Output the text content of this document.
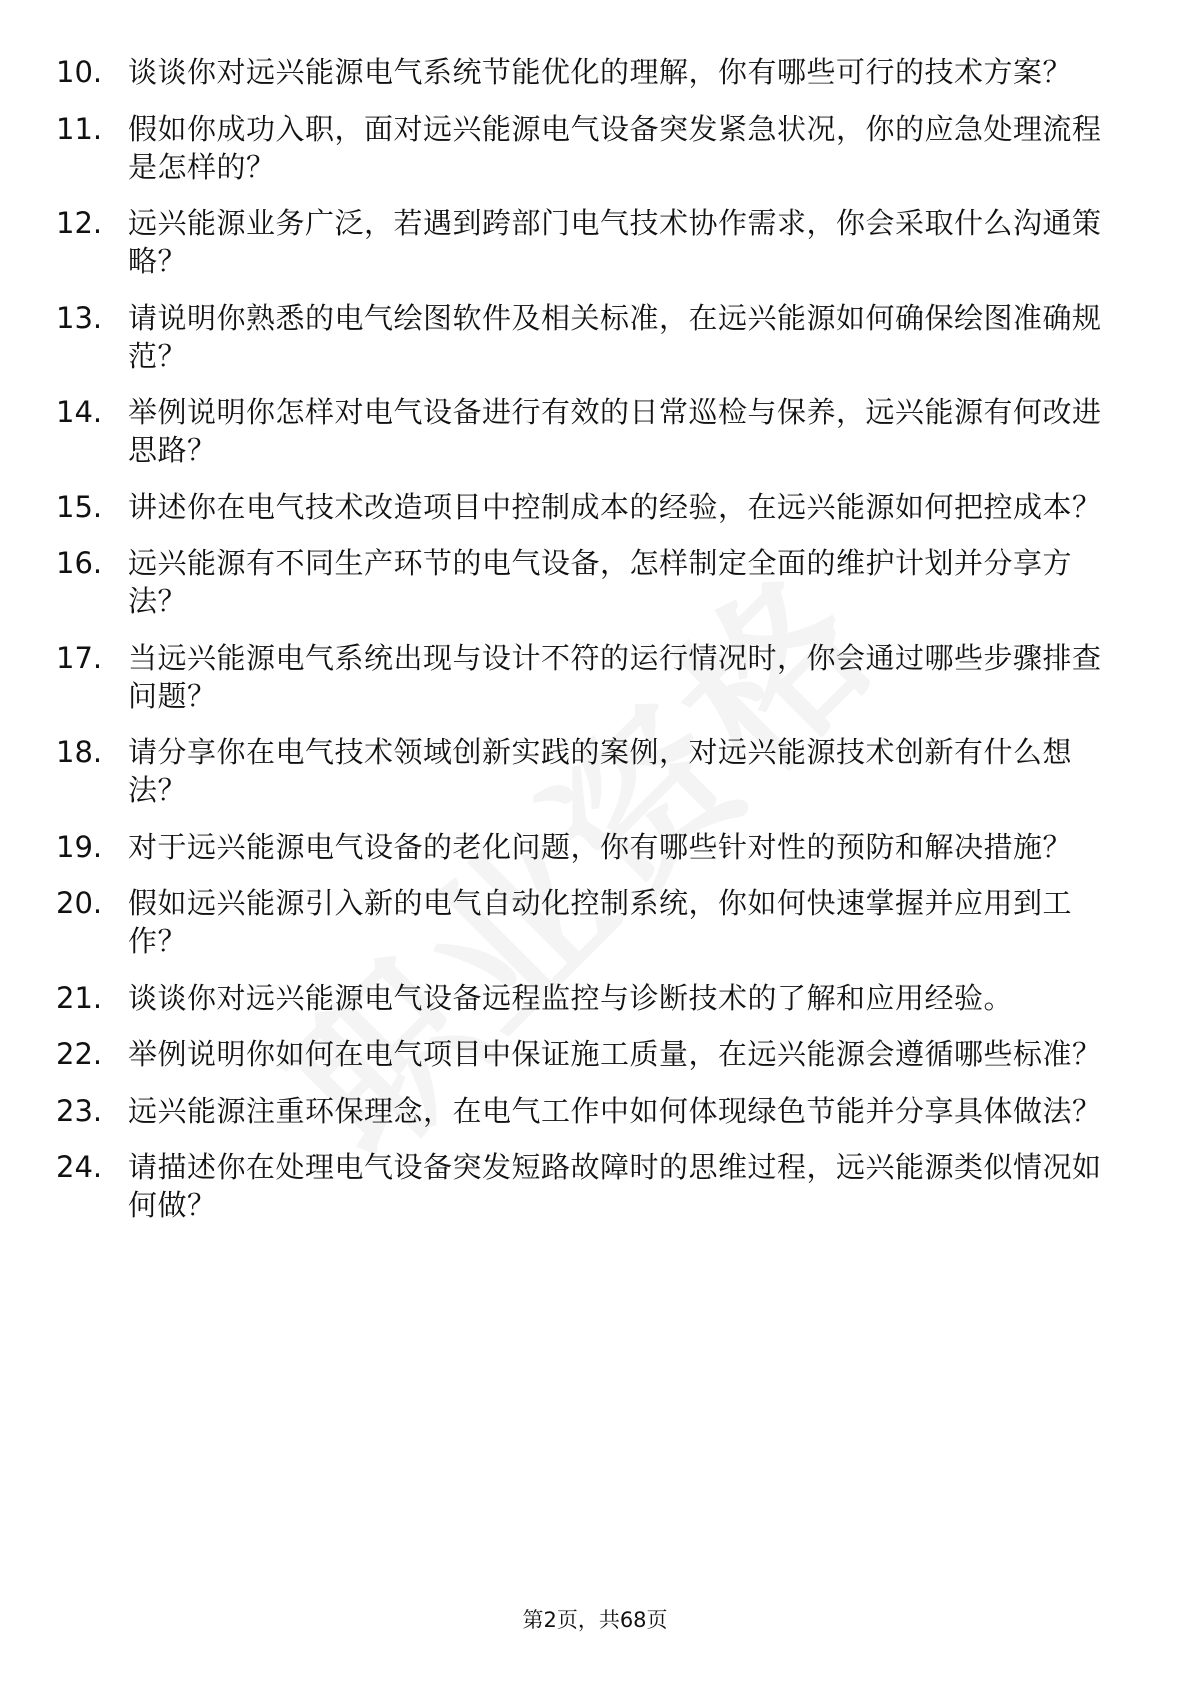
10. 谈谈你对远兴能源电气系统节能优化的理解，你有哪些可行的技术方案？
11. 假如你成功入职，面对远兴能源电气设备突发紧急状况，你的应急处理流程是怎样的？
12. 远兴能源业务广泛，若遇到跨部门电气技术协作需求，你会采取什么沟通策略？
13. 请说明你熟悉的电气绘图软件及相关标准，在远兴能源如何确保绘图准确规范？
14. 举例说明你怎样对电气设备进行有效的日常巡检与保养，远兴能源有何改进思路？
15. 讲述你在电气技术改造项目中控制成本的经验，在远兴能源如何把控成本？
16. 远兴能源有不同生产环节的电气设备，怎样制定全面的维护计划并分享方法？
17. 当远兴能源电气系统出现与设计不符的运行情况时，你会通过哪些步骤排查问题？
18. 请分享你在电气技术领域创新实践的案例，对远兴能源技术创新有什么想法？
19. 对于远兴能源电气设备的老化问题，你有哪些针对性的预防和解决措施？
20. 假如远兴能源引入新的电气自动化控制系统，你如何快速掌握并应用到工作？
21. 谈谈你对远兴能源电气设备远程监控与诊断技术的了解和应用经验。
22. 举例说明你如何在电气项目中保证施工质量，在远兴能源会遵循哪些标准？
23. 远兴能源注重环保理念，在电气工作中如何体现绿色节能并分享具体做法？
24. 请描述你在处理电气设备突发短路故障时的思维过程，远兴能源类似情况如何做？
第2页，共68页
